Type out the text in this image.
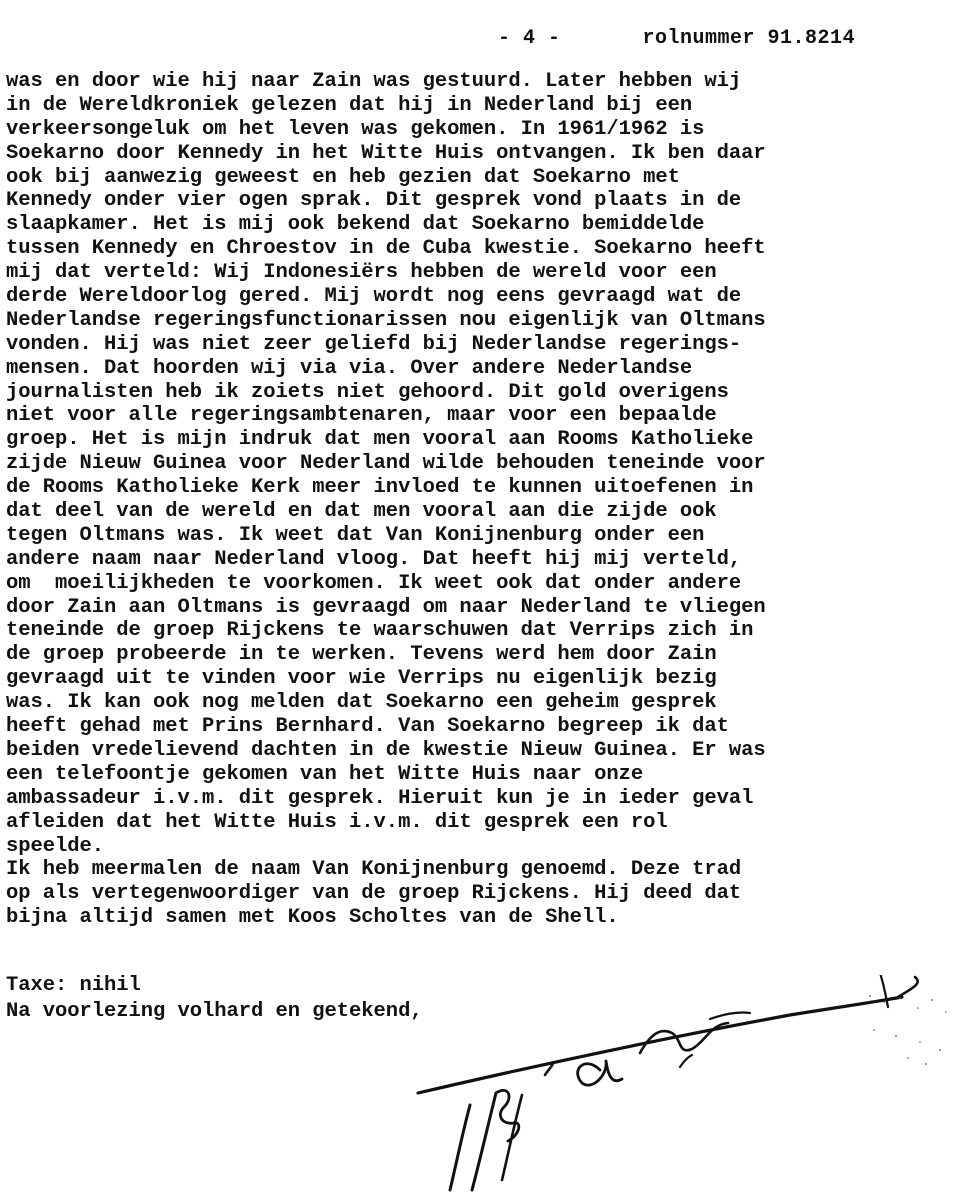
- 4 -	rolnummer 91.8214

was en door wie hij naar Zain was gestuurd. Later hebben wij
in de Wereldkroniek gelezen dat hij in Nederland bij een
verkeersongeluk om het leven was gekomen. In 1961/1962 is
Soekarno door Kennedy in het Witte Huis ontvangen. Ik ben daar
ook bij aanwezig geweest en heb gezien dat Soekarno met
Kennedy onder vier ogen sprak. Dit gesprek vond plaats in de
slaapkamer. Het is mij ook bekend dat Soekarno bemiddelde
tussen Kennedy en Chroestov in de Cuba kwestie. Soekarno heeft
mij dat verteld: Wij Indonesiërs hebben de wereld voor een
derde Wereldoorlog gered. Mij wordt nog eens gevraagd wat de
Nederlandse regeringsfunctionarissen nou eigenlijk van Oltmans
vonden. Hij was niet zeer geliefd bij Nederlandse regerings-
mensen. Dat hoorden wij via via. Over andere Nederlandse
journalisten heb ik zoiets niet gehoord. Dit gold overigens
niet voor alle regeringsambtenaren, maar voor een bepaalde
groep. Het is mijn indruk dat men vooral aan Rooms Katholieke
zijde Nieuw Guinea voor Nederland wilde behouden teneinde voor
de Rooms Katholieke Kerk meer invloed te kunnen uitoefenen in
dat deel van de wereld en dat men vooral aan die zijde ook
tegen Oltmans was. Ik weet dat Van Konijnenburg onder een
andere naam naar Nederland vloog. Dat heeft hij mij verteld,
om  moeilijkheden te voorkomen. Ik weet ook dat onder andere
door Zain aan Oltmans is gevraagd om naar Nederland te vliegen
teneinde de groep Rijckens te waarschuwen dat Verrips zich in
de groep probeerde in te werken. Tevens werd hem door Zain
gevraagd uit te vinden voor wie Verrips nu eigenlijk bezig
was. Ik kan ook nog melden dat Soekarno een geheim gesprek
heeft gehad met Prins Bernhard. Van Soekarno begreep ik dat
beiden vredelievend dachten in de kwestie Nieuw Guinea. Er was
een telefoontje gekomen van het Witte Huis naar onze
ambassadeur i.v.m. dit gesprek. Hieruit kun je in ieder geval
afleiden dat het Witte Huis i.v.m. dit gesprek een rol
speelde.
Ik heb meermalen de naam Van Konijnenburg genoemd. Deze trad
op als vertegenwoordiger van de groep Rijckens. Hij deed dat
bijna altijd samen met Koos Scholtes van de Shell.
Taxe: nihil
Na voorlezing volhard en getekend,
